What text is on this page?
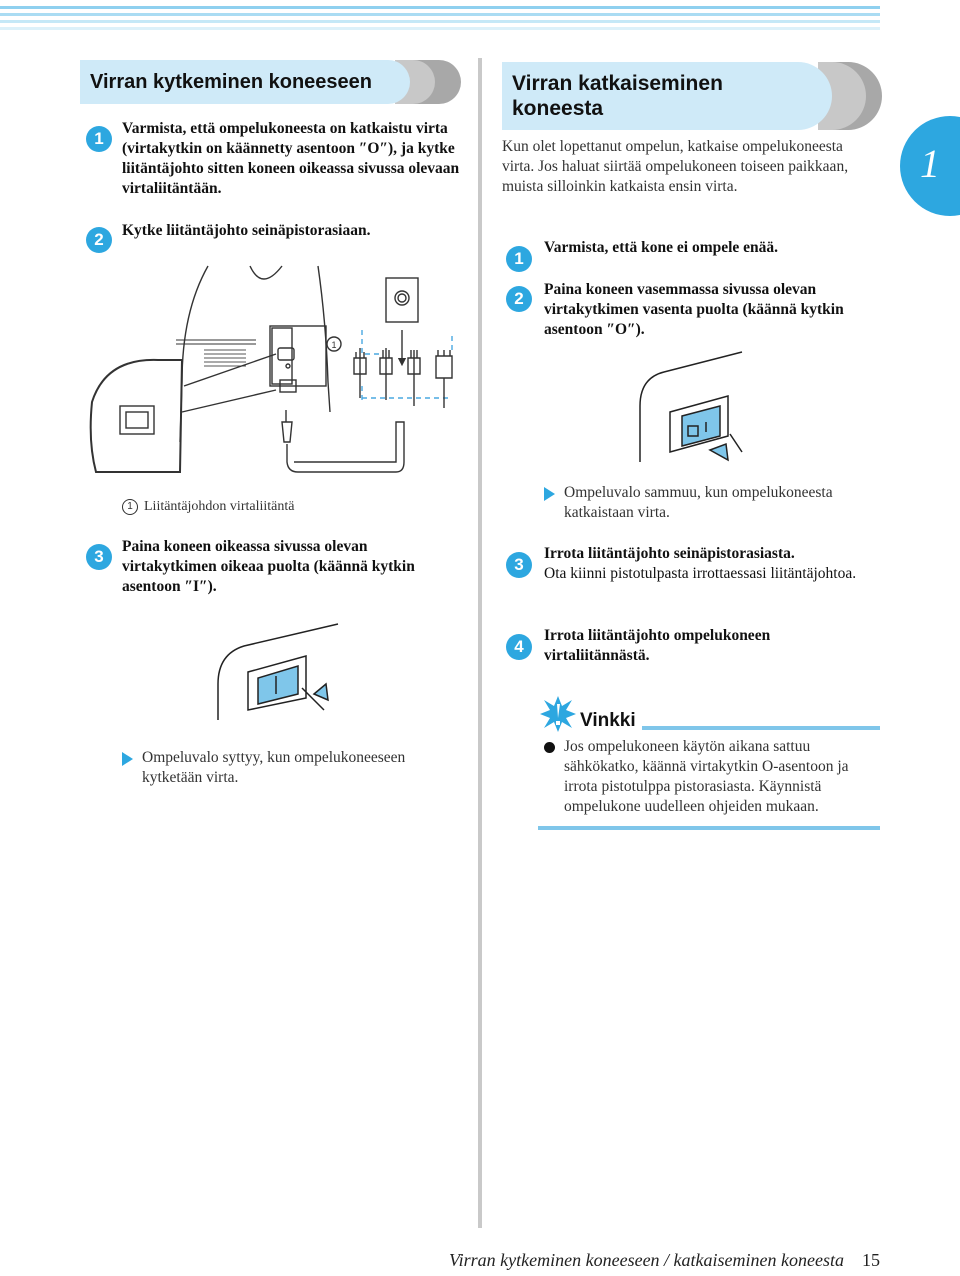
1
Virran kytkeminen koneeseen
1
Varmista, että ompelukoneesta on katkaistu virta (virtakytkin on käännetty asentoon ″O″), ja kytke liitäntäjohto sitten koneen oikeassa sivussa olevaan virtaliitäntään.
2	Kytke liitäntäjohto seinäpistorasiaan.
1
1 Liitäntäjohdon virtaliitäntä
3
Paina koneen oikeassa sivussa olevan virtakytkimen oikeaa puolta (käännä kytkin asentoon ″I″).
Ompeluvalo syttyy, kun ompelukoneeseen kytketään virta.
Virran katkaiseminen
koneesta
Kun olet lopettanut ompelun, katkaise ompelukoneesta virta. Jos haluat siirtää ompelukoneen toiseen paikkaan, muista silloinkin katkaista ensin virta.
1
Varmista, että kone ei ompele enää.
2	Paina koneen vasemmassa sivussa olevan virtakytkimen vasenta puolta (käännä kytkin asentoon ″O″).
Ompeluvalo sammuu, kun ompelukoneesta katkaistaan virta.
3
Irrota liitäntäjohto seinäpistorasiasta.
Ota kiinni pistotulpasta irrottaessasi liitäntäjohtoa.
4
Irrota liitäntäjohto ompelukoneen virtaliitännästä.
Vinkki
Jos ompelukoneen käytön aikana sattuu sähkökatko, käännä virtakytkin O-asentoon ja irrota pistotulppa pistorasiasta. Käynnistä ompelukone uudelleen ohjeiden mukaan.
Virran kytkeminen koneeseen / katkaiseminen koneesta 15
